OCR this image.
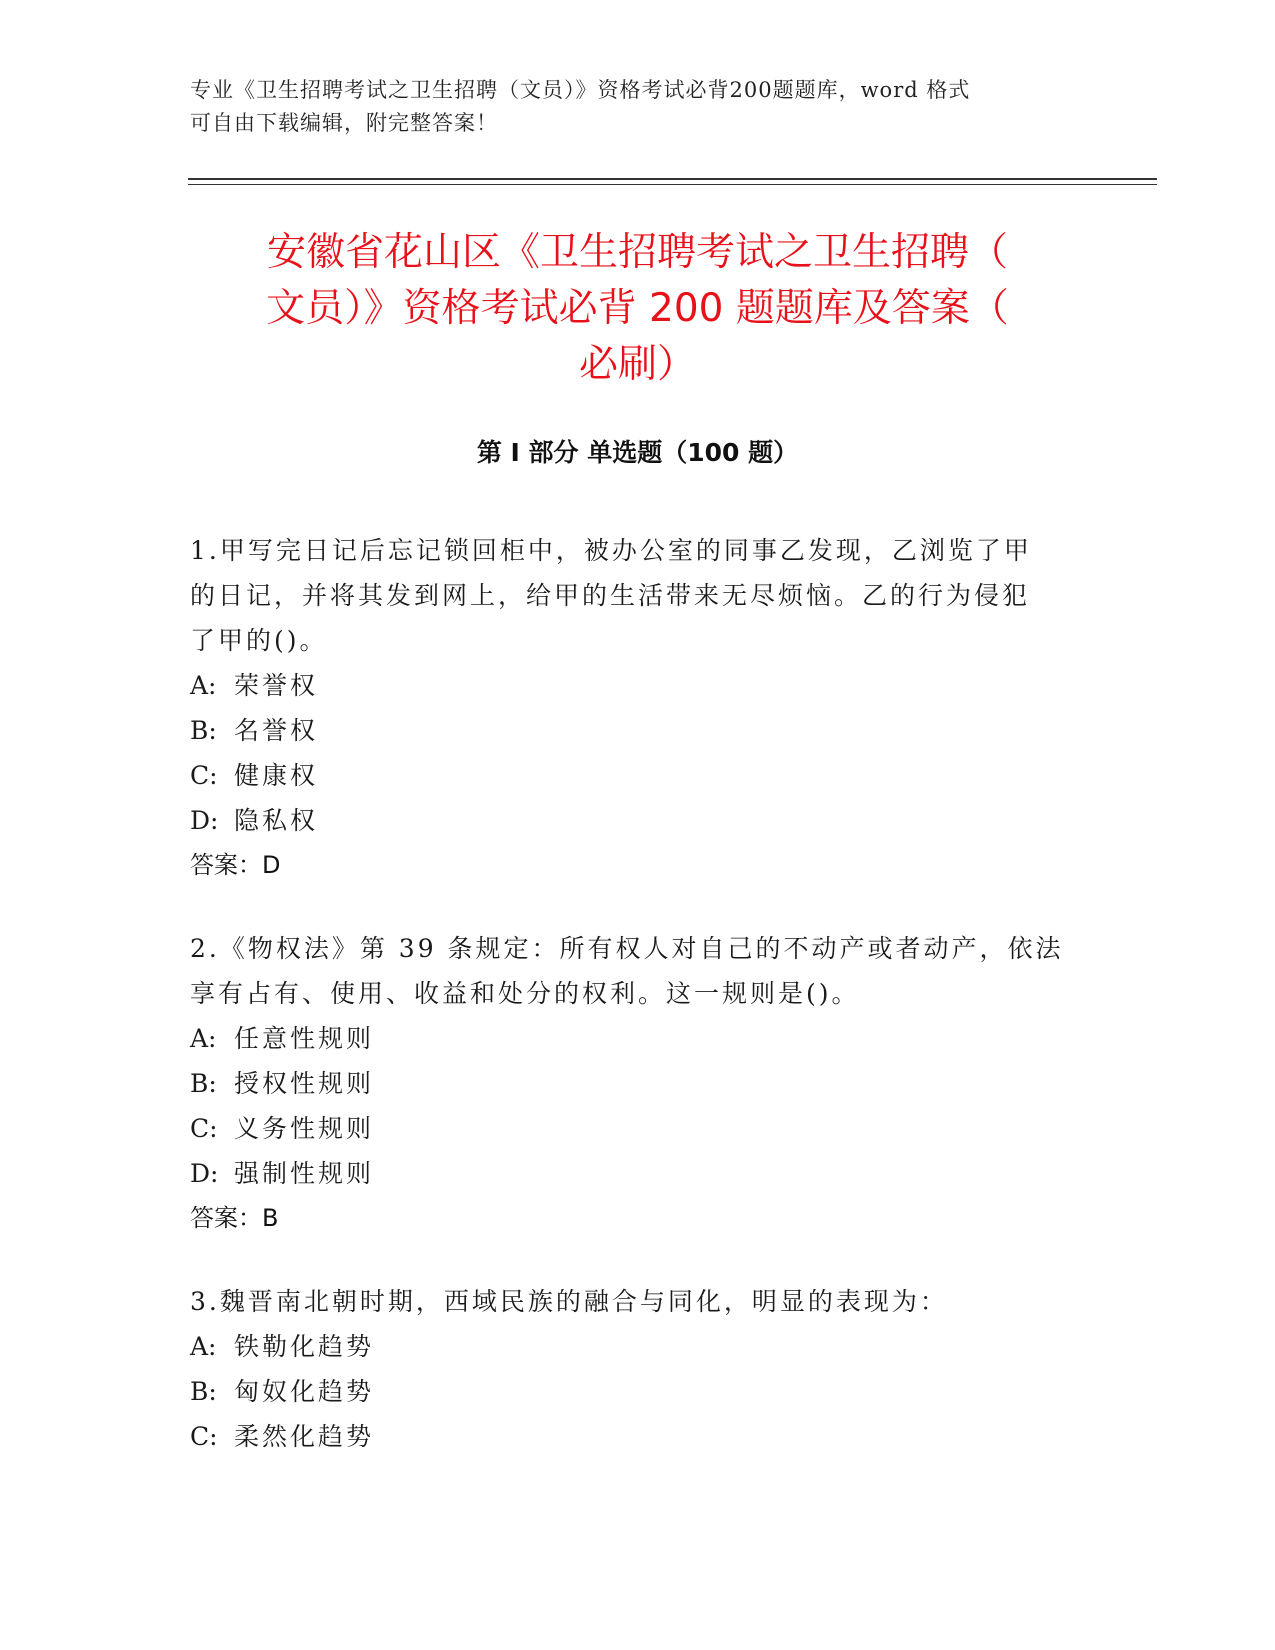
专业《卫生招聘考试之卫生招聘（文员）》资格考试必背200题题库，word 格式
可自由下载编辑，附完整答案！
安徽省花山区《卫生招聘考试之卫生招聘（
文员）》资格考试必背 200 题题库及答案（
必刷）
第 I 部分 单选题（100 题）

1.甲写完日记后忘记锁回柜中，被办公室的同事乙发现，乙浏览了甲

的日记，并将其发到网上，给甲的生活带来无尽烦恼。乙的行为侵犯

了甲的()。

A: 荣誉权

B: 名誉权

C: 健康权

D: 隐私权

答案：D

2.《物权法》第 39 条规定：所有权人对自己的不动产或者动产，依法

享有占有、使用、收益和处分的权利。这一规则是()。

A: 任意性规则

B: 授权性规则

C: 义务性规则

D: 强制性规则

答案：B

3.魏晋南北朝时期，西域民族的融合与同化，明显的表现为：

A: 铁勒化趋势

B: 匈奴化趋势

C: 柔然化趋势
